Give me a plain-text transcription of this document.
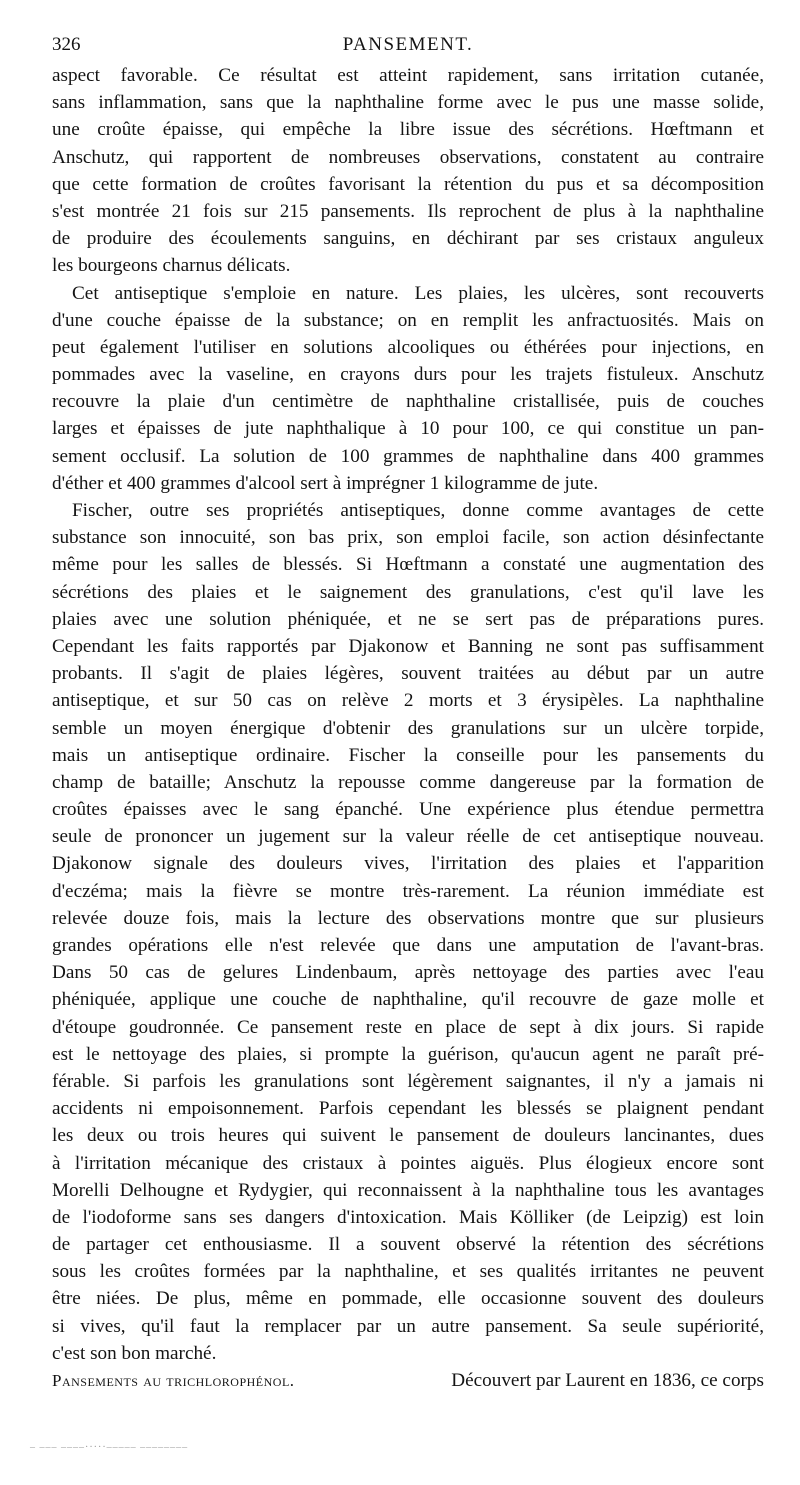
326	PANSEMENT.
aspect favorable. Ce résultat est atteint rapidement, sans irritation cutanée,
sans inflammation, sans que la naphthaline forme avec le pus une masse solide,
une croûte épaisse, qui empêche la libre issue des sécrétions. Hœftmann et
Anschutz, qui rapportent de nombreuses observations, constatent au contraire
que cette formation de croûtes favorisant la rétention du pus et sa décomposition
s'est montrée 21 fois sur 215 pansements. Ils reprochent de plus à la naphthaline
de produire des écoulements sanguins, en déchirant par ses cristaux anguleux
les bourgeons charnus délicats.
Cet antiseptique s'emploie en nature. Les plaies, les ulcères, sont recouverts
d'une couche épaisse de la substance; on en remplit les anfractuosités. Mais on
peut également l'utiliser en solutions alcooliques ou éthérées pour injections, en
pommades avec la vaseline, en crayons durs pour les trajets fistuleux. Anschutz
recouvre la plaie d'un centimètre de naphthaline cristallisée, puis de couches
larges et épaisses de jute naphthalique à 10 pour 100, ce qui constitue un pan-
sement occlusif. La solution de 100 grammes de naphthaline dans 400 grammes
d'éther et 400 grammes d'alcool sert à imprégner 1 kilogramme de jute.
Fischer, outre ses propriétés antiseptiques, donne comme avantages de cette
substance son innocuité, son bas prix, son emploi facile, son action désinfectante
même pour les salles de blessés. Si Hœftmann a constaté une augmentation des
sécrétions des plaies et le saignement des granulations, c'est qu'il lave les
plaies avec une solution phéniquée, et ne se sert pas de préparations pures.
Cependant les faits rapportés par Djakonow et Banning ne sont pas suffisamment
probants. Il s'agit de plaies légères, souvent traitées au début par un autre
antiseptique, et sur 50 cas on relève 2 morts et 3 érysipèles. La naphthaline
semble un moyen énergique d'obtenir des granulations sur un ulcère torpide,
mais un antiseptique ordinaire. Fischer la conseille pour les pansements du
champ de bataille; Anschutz la repousse comme dangereuse par la formation de
croûtes épaisses avec le sang épanché. Une expérience plus étendue permettra
seule de prononcer un jugement sur la valeur réelle de cet antiseptique nouveau.
Djakonow signale des douleurs vives, l'irritation des plaies et l'apparition
d'eczéma; mais la fièvre se montre très-rarement. La réunion immédiate est
relevée douze fois, mais la lecture des observations montre que sur plusieurs
grandes opérations elle n'est relevée que dans une amputation de l'avant-bras.
Dans 50 cas de gelures Lindenbaum, après nettoyage des parties avec l'eau
phéniquée, applique une couche de naphthaline, qu'il recouvre de gaze molle et
d'étoupe goudronnée. Ce pansement reste en place de sept à dix jours. Si rapide
est le nettoyage des plaies, si prompte la guérison, qu'aucun agent ne paraît pré-
férable. Si parfois les granulations sont légèrement saignantes, il n'y a jamais ni
accidents ni empoisonnement. Parfois cependant les blessés se plaignent pendant
les deux ou trois heures qui suivent le pansement de douleurs lancinantes, dues
à l'irritation mécanique des cristaux à pointes aiguës. Plus élogieux encore sont
Morelli Delhougne et Rydygier, qui reconnaissent à la naphthaline tous les avantages
de l'iodoforme sans ses dangers d'intoxication. Mais Kölliker (de Leipzig) est loin
de partager cet enthousiasme. Il a souvent observé la rétention des sécrétions
sous les croûtes formées par la naphthaline, et ses qualités irritantes ne peuvent
être niées. De plus, même en pommade, elle occasionne souvent des douleurs
si vives, qu'il faut la remplacer par un autre pansement. Sa seule supériorité,
c'est son bon marché.
Pansements au trichlorophénol.	Découvert par Laurent en 1836, ce corps
– ––– ––––·····––––– ––––––––
